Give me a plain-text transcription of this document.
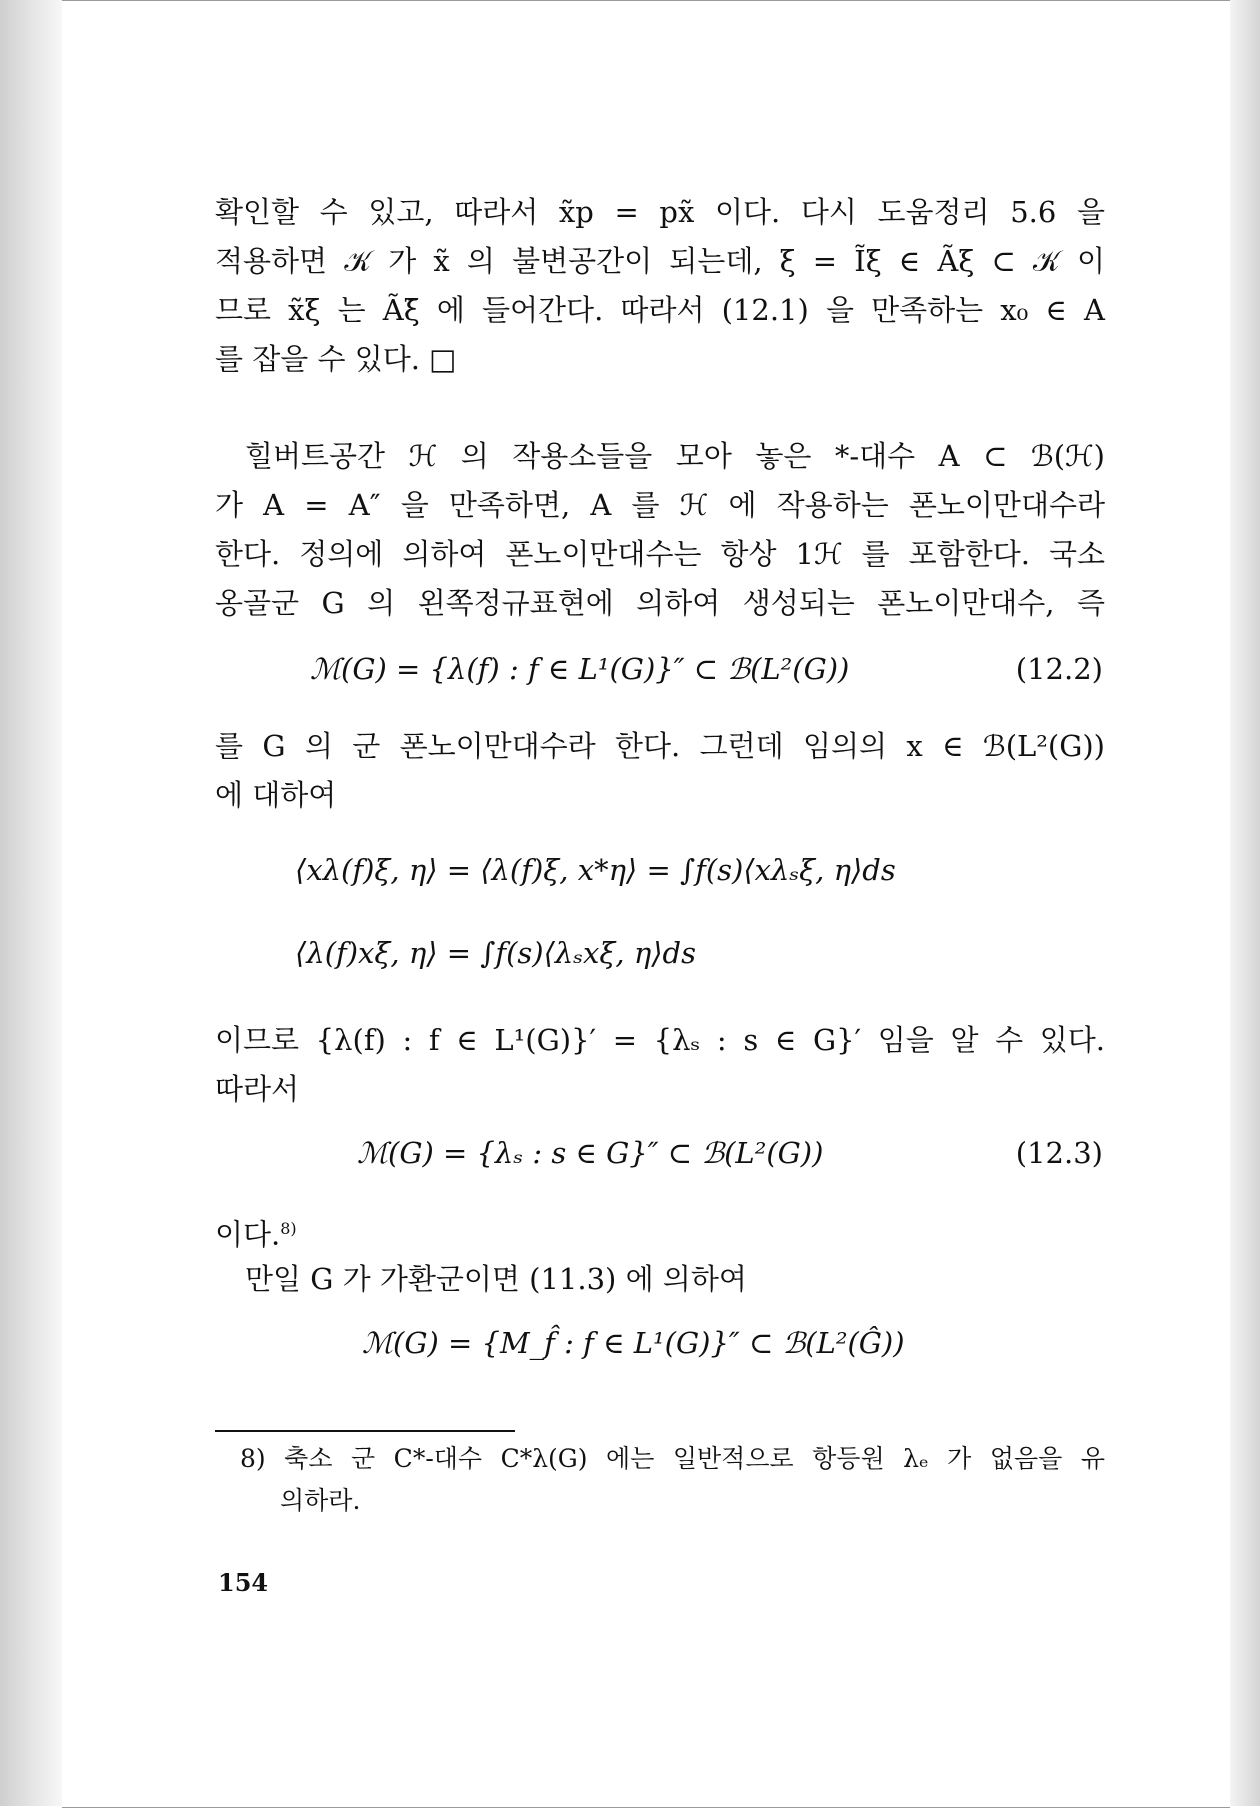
확인할 수 있고, 따라서 x̃p = px̃ 이다. 다시 도움정리 5.6 을
적용하면 𝒦 가 x̃ 의 불변공간이 되는데, ξ = Ĩξ ∈ Ãξ ⊂ 𝒦 이
므로 x̃ξ 는 Ãξ̄ 에 들어간다. 따라서 (12.1) 을 만족하는 x₀ ∈ A
를 잡을 수 있다. □
힐버트공간 ℋ 의 작용소들을 모아 놓은 *-대수 A ⊂ ℬ(ℋ)
가 A = A″ 을 만족하면, A 를 ℋ 에 작용하는 폰노이만대수라
한다. 정의에 의하여 폰노이만대수는 항상 1ℋ 를 포함한다. 국소
옹골군 G 의 왼쪽정규표현에 의하여 생성되는 폰노이만대수, 즉
ℳ(G) = {λ(f) : f ∈ L¹(G)}″ ⊂ ℬ(L²(G))	(12.2)
를 G 의 군 폰노이만대수라 한다. 그런데 임의의 x ∈ ℬ(L²(G))
에 대하여
⟨xλ(f)ξ, η⟩ = ⟨λ(f)ξ, x*η⟩ = ∫f(s)⟨xλₛξ, η⟩ds
⟨λ(f)xξ, η⟩ = ∫f(s)⟨λₛxξ, η⟩ds
이므로 {λ(f) : f ∈ L¹(G)}′ = {λₛ : s ∈ G}′ 임을 알 수 있다.
따라서
ℳ(G) = {λₛ : s ∈ G}″ ⊂ ℬ(L²(G))	(12.3)
이다.$^{8)}$
만일 G 가 가환군이면 (11.3) 에 의하여
ℳ(G) = {M_f̂ : f ∈ L¹(G)}″ ⊂ ℬ(L²(Ĝ))
8) 축소 군 C*-대수 C*λ(G) 에는 일반적으로 항등원 λₑ 가 없음을 유
의하라.
154
